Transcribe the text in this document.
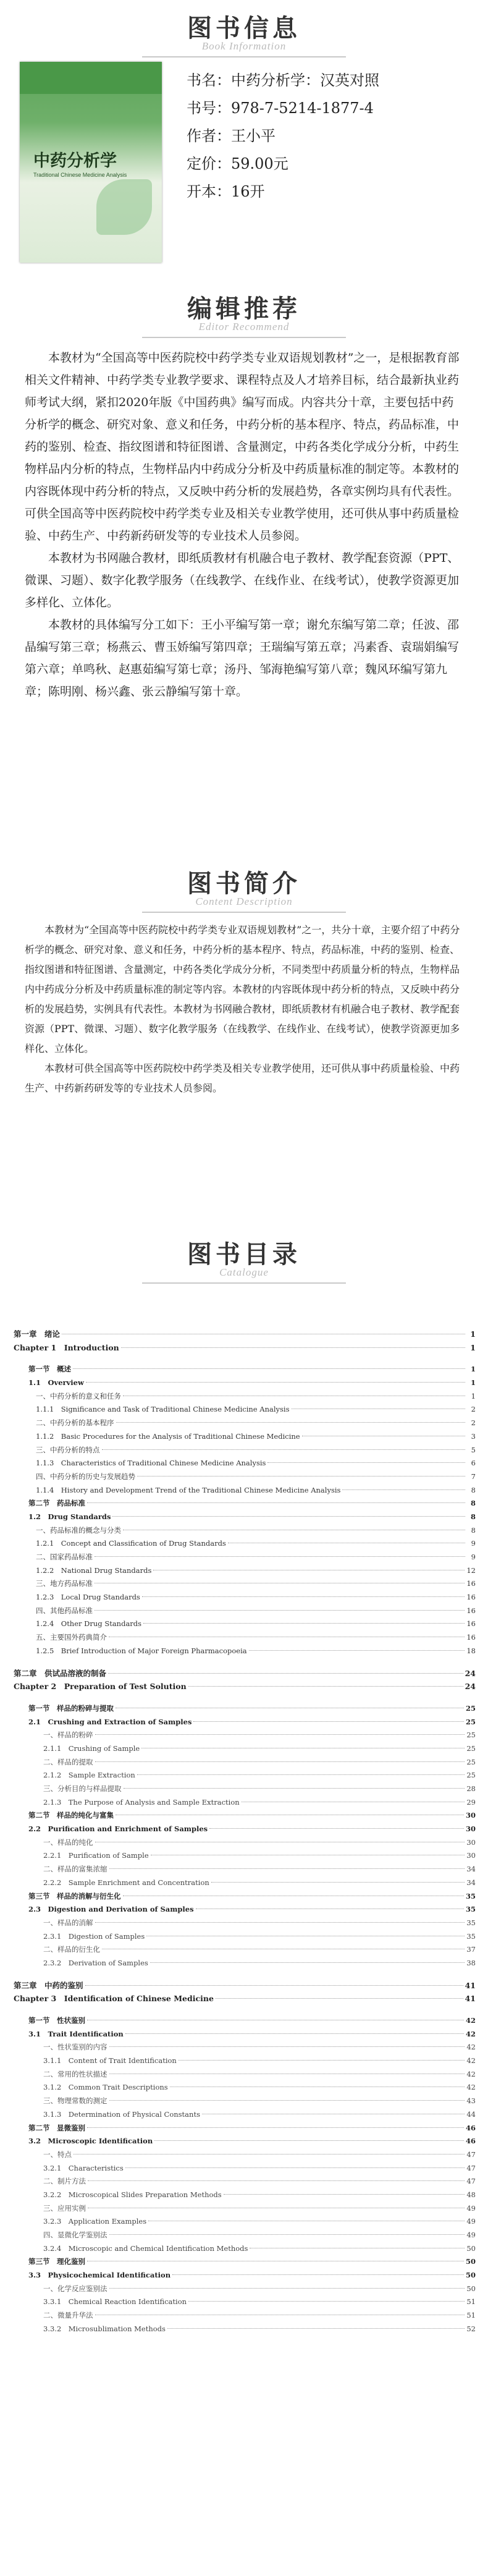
图书信息
Book Information
中药分析学
Traditional Chinese Medicine Analysis
书名：中药分析学：汉英对照
书号：978-7-5214-1877-4
作者：王小平
定价：59.00元
开本：16开
编辑推荐
Editor Recommend

本教材为“全国高等中医药院校中药学类专业双语规划教材”之一，是根据教育部相关文件精神、中药学类专业教学要求、课程特点及人才培养目标，结合最新执业药师考试大纲，紧扣2020年版《中国药典》编写而成。内容共分十章，主要包括中药分析学的概念、研究对象、意义和任务，中药分析的基本程序、特点，药品标准，中药的鉴别、检查、指纹图谱和特征图谱、含量测定，中药各类化学成分分析，中药生物样品内分析的特点，生物样品内中药成分分析及中药质量标准的制定等。本教材的内容既体现中药分析的特点，又反映中药分析的发展趋势，各章实例均具有代表性。可供全国高等中医药院校中药学类专业及相关专业教学使用，还可供从事中药质量检验、中药生产、中药新药研发等的专业技术人员参阅。

本教材为书网融合教材，即纸质教材有机融合电子教材、教学配套资源（PPT、微课、习题）、数字化教学服务（在线教学、在线作业、在线考试），使教学资源更加多样化、立体化。

本教材的具体编写分工如下：王小平编写第一章；谢允东编写第二章；任波、邵晶编写第三章；杨燕云、曹玉娇编写第四章；王瑞编写第五章；冯素香、袁瑞娟编写第六章；单鸣秋、赵惠茹编写第七章；汤丹、邹海艳编写第八章；魏风环编写第九章；陈明刚、杨兴鑫、张云静编写第十章。

图书简介
Content Description

本教材为“全国高等中医药院校中药学类专业双语规划教材”之一，共分十章，主要介绍了中药分析学的概念、研究对象、意义和任务，中药分析的基本程序、特点，药品标准，中药的鉴别、检查、指纹图谱和特征图谱、含量测定，中药各类化学成分分析，不同类型中药质量分析的特点，生物样品内中药成分分析及中药质量标准的制定等内容。本教材的内容既体现中药分析的特点，又反映中药分析的发展趋势，实例具有代表性。本教材为书网融合教材，即纸质教材有机融合电子教材、教学配套资源（PPT、微课、习题）、数字化教学服务（在线教学、在线作业、在线考试），使教学资源更加多样化、立体化。

本教材可供全国高等中医药院校中药学类及相关专业教学使用，还可供从事中药质量检验、中药生产、中药新药研发等的专业技术人员参阅。

图书目录
Catalogue
第一章　绪论	1
Chapter 1　Introduction	1
第一节　概述	1
1.1　Overview	1
一、中药分析的意义和任务	1
1.1.1　Significance and Task of Traditional Chinese Medicine Analysis	2
二、中药分析的基本程序	2
1.1.2　Basic Procedures for the Analysis of Traditional Chinese Medicine	3
三、中药分析的特点	5
1.1.3　Characteristics of Traditional Chinese Medicine Analysis	6
四、中药分析的历史与发展趋势	7
1.1.4　History and Development Trend of the Traditional Chinese Medicine Analysis	8
第二节　药品标准	8
1.2　Drug Standards	8
一、药品标准的概念与分类	8
1.2.1　Concept and Classification of Drug Standards	9
二、国家药品标准	9
1.2.2　National Drug Standards	12
三、地方药品标准	16
1.2.3　Local Drug Standards	16
四、其他药品标准	16
1.2.4　Other Drug Standards	16
五、主要国外药典简介	16
1.2.5　Brief Introduction of Major Foreign Pharmacopoeia	18
第二章　供试品溶液的制备	24
Chapter 2　Preparation of Test Solution	24
第一节　样品的粉碎与提取	25
2.1　Crushing and Extraction of Samples	25
一、样品的粉碎	25
2.1.1　Crushing of Sample	25
二、样品的提取	25
2.1.2　Sample Extraction	25
三、分析目的与样品提取	28
2.1.3　The Purpose of Analysis and Sample Extraction	29
第二节　样品的纯化与富集	30
2.2　Purification and Enrichment of Samples	30
一、样品的纯化	30
2.2.1　Purification of Sample	30
二、样品的富集浓缩	34
2.2.2　Sample Enrichment and Concentration	34
第三节　样品的消解与衍生化	35
2.3　Digestion and Derivation of Samples	35
一、样品的消解	35
2.3.1　Digestion of Samples	35
二、样品的衍生化	37
2.3.2　Derivation of Samples	38
第三章　中药的鉴别	41
Chapter 3　Identification of Chinese Medicine	41
第一节　性状鉴别	42
3.1　Trait Identification	42
一、性状鉴别的内容	42
3.1.1　Content of Trait Identification	42
二、常用的性状描述	42
3.1.2　Common Trait Descriptions	42
三、物理常数的测定	43
3.1.3　Determination of Physical Constants	44
第二节　显微鉴别	46
3.2　Microscopic Identification	46
一、特点	47
3.2.1　Characteristics	47
二、制片方法	47
3.2.2　Microscopical Slides Preparation Methods	48
三、应用实例	49
3.2.3　Application Examples	49
四、显微化学鉴别法	49
3.2.4　Microscopic and Chemical Identification Methods	50
第三节　理化鉴别	50
3.3　Physicochemical Identification	50
一、化学反应鉴别法	50
3.3.1　Chemical Reaction Identification	51
二、微量升华法	51
3.3.2　Microsublimation Methods	52
